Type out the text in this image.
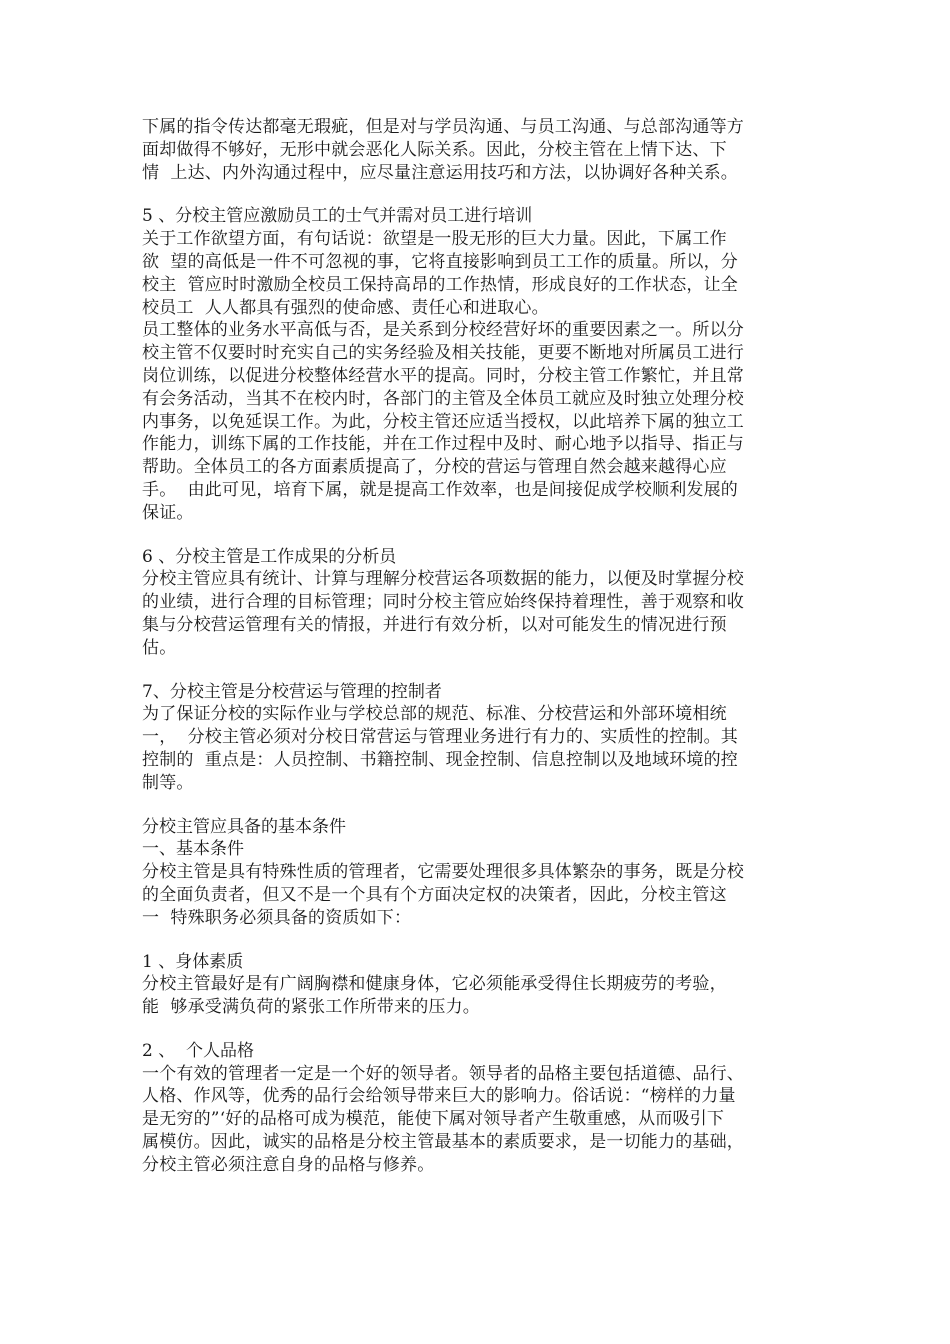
下属的指令传达都毫无瑕疵，但是对与学员沟通、与员工沟通、与总部沟通等方
面却做得不够好，无形中就会恶化人际关系。因此，分校主管在上情下达、下
情  上达、内外沟通过程中，应尽量注意运用技巧和方法，以协调好各种关系。

5 、分校主管应激励员工的士气并需对员工进行培训

关于工作欲望方面，有句话说：欲望是一股无形的巨大力量。因此，下属工作
欲  望的高低是一件不可忽视的事，它将直接影响到员工工作的质量。所以，分
校主  管应时时激励全校员工保持高昂的工作热情，形成良好的工作状态，让全
校员工  人人都具有强烈的使命感、责任心和进取心。

员工整体的业务水平高低与否，是关系到分校经营好坏的重要因素之一。所以分
校主管不仅要时时充实自己的实务经验及相关技能，更要不断地对所属员工进行
岗位训练，以促进分校整体经营水平的提高。同时，分校主管工作繁忙，并且常
有会务活动，当其不在校内时，各部门的主管及全体员工就应及时独立处理分校
内事务，以免延误工作。为此，分校主管还应适当授权，以此培养下属的独立工
作能力，训练下属的工作技能，并在工作过程中及时、耐心地予以指导、指正与
帮助。全体员工的各方面素质提高了，分校的营运与管理自然会越来越得心应
手。  由此可见，培育下属，就是提高工作效率，也是间接促成学校顺利发展的
保证。

6 、分校主管是工作成果的分析员

分校主管应具有统计、计算与理解分校营运各项数据的能力，以便及时掌握分校
的业绩，进行合理的目标管理；同时分校主管应始终保持着理性，善于观察和收
集与分校营运管理有关的情报，并进行有效分析，以对可能发生的情况进行预
估。

7、分校主管是分校营运与管理的控制者

为了保证分校的实际作业与学校总部的规范、标准、分校营运和外部环境相统
一，  分校主管必须对分校日常营运与管理业务进行有力的、实质性的控制。其
控制的  重点是：人员控制、书籍控制、现金控制、信息控制以及地域环境的控
制等。

分校主管应具备的基本条件

一、基本条件

分校主管是具有特殊性质的管理者，它需要处理很多具体繁杂的事务，既是分校
的全面负责者，但又不是一个具有个方面决定权的决策者，因此，分校主管这
一  特殊职务必须具备的资质如下：

1 、身体素质

分校主管最好是有广阔胸襟和健康身体，它必须能承受得住长期疲劳的考验，
能  够承受满负荷的紧张工作所带来的压力。

2 、  个人品格

一个有效的管理者一定是一个好的领导者。领导者的品格主要包括道德、品行、
人格、作风等，优秀的品行会给领导带来巨大的影响力。俗话说：“榜样的力量
是无穷的”‘好的品格可成为模范，能使下属对领导者产生敬重感，从而吸引下
属模仿。因此，诚实的品格是分校主管最基本的素质要求，是一切能力的基础，
分校主管必须注意自身的品格与修养。
